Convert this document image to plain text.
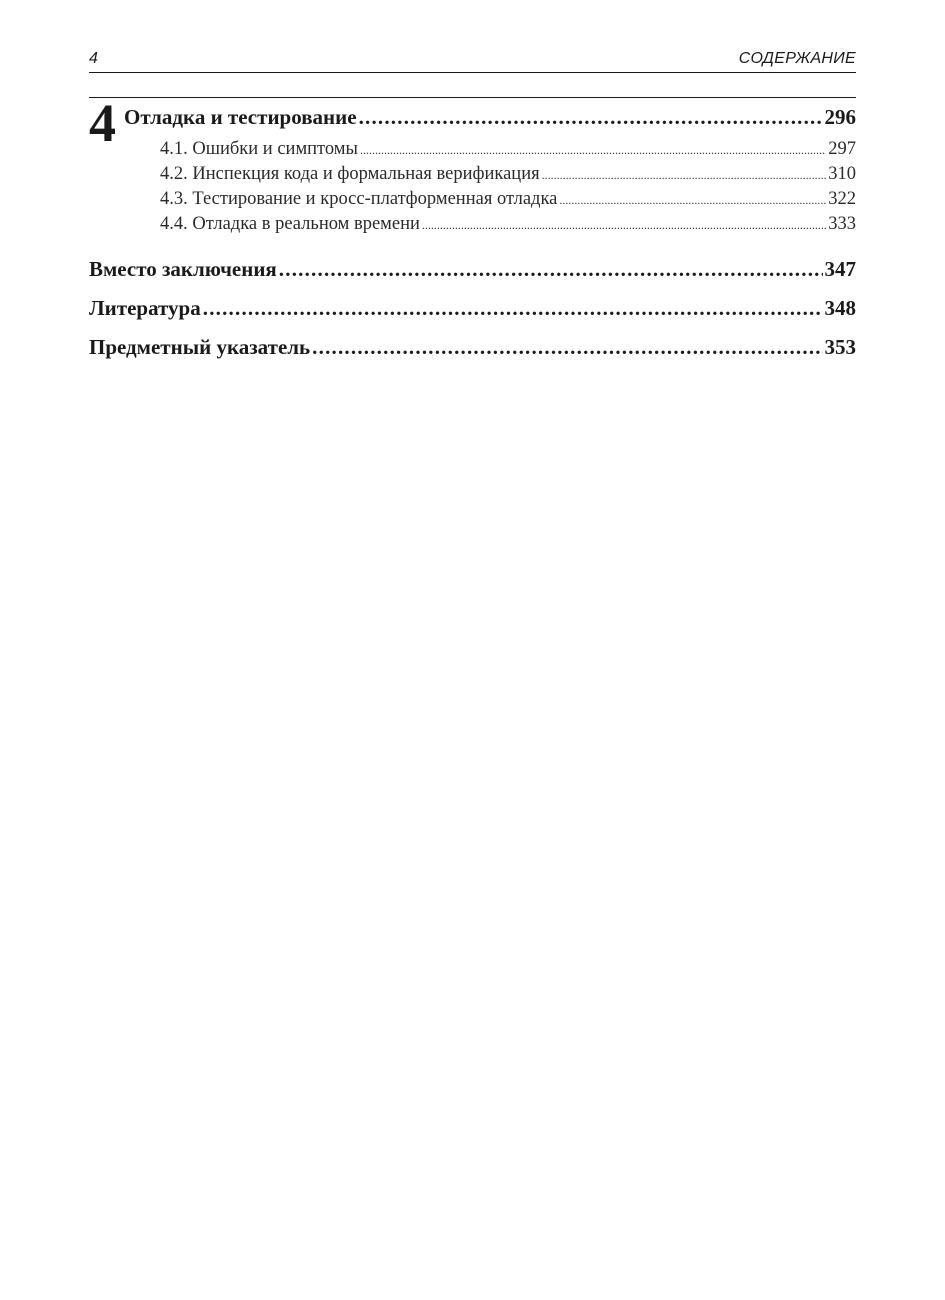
4	СОДЕРЖАНИЕ
4 Отладка и тестирование .....	296
4.1. Ошибки и симптомы .....	297
4.2. Инспекция кода и формальная верификация .....	310
4.3. Тестирование и кросс-платформенная отладка .....	322
4.4. Отладка в реальном времени .....	333
Вместо заключения .....	347
Литература .....	348
Предметный указатель .....	353
